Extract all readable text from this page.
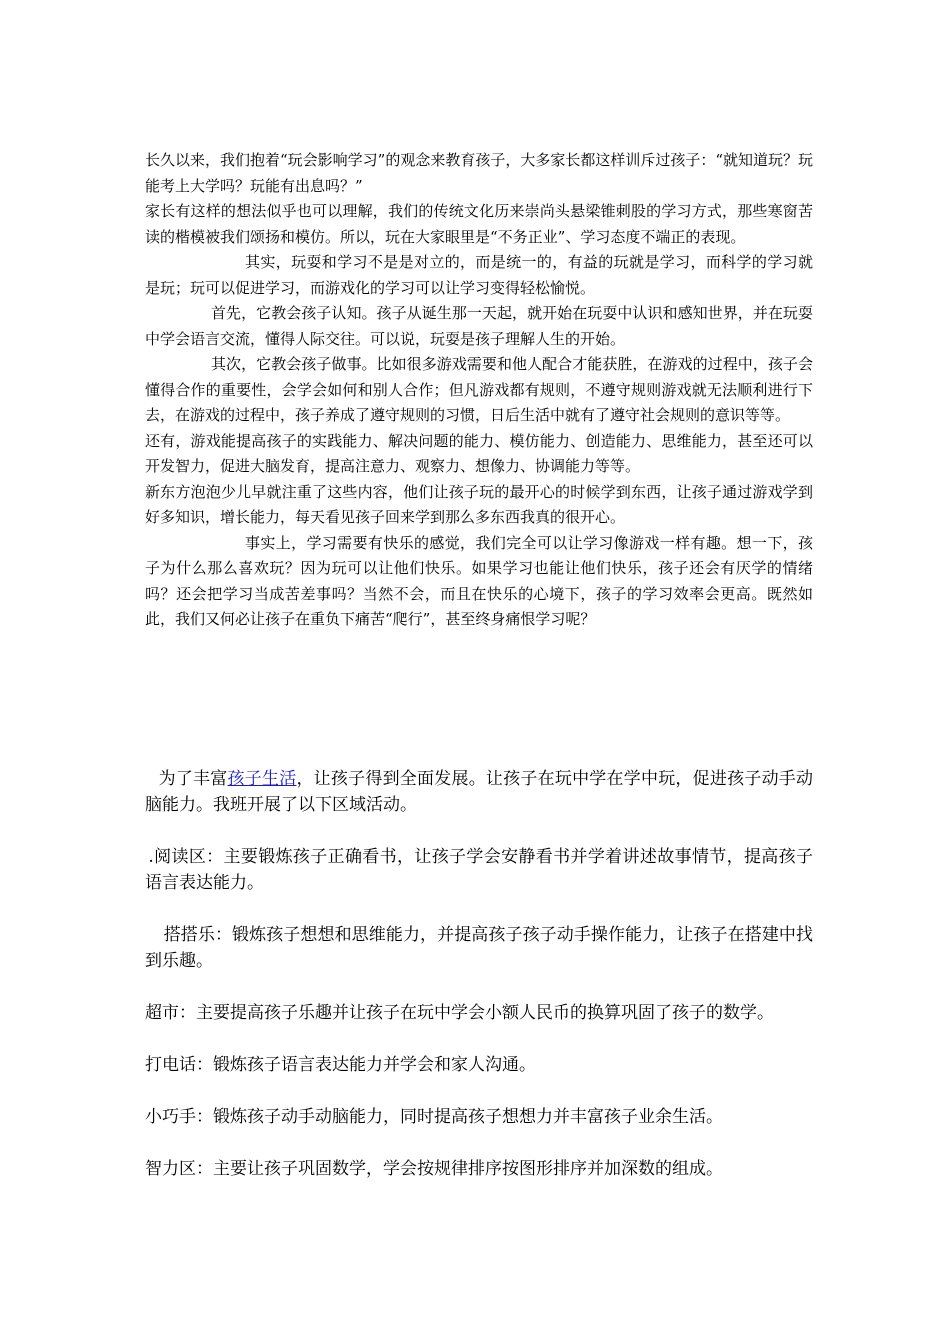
长久以来，我们抱着“玩会影响学习”的观念来教育孩子，大多家长都这样训斥过孩子：“就知道玩？玩能考上大学吗？玩能有出息吗？”

家长有这样的想法似乎也可以理解，我们的传统文化历来崇尚头悬梁锥刺股的学习方式，那些寒窗苦读的楷模被我们颂扬和模仿。所以，玩在大家眼里是“不务正业”、学习态度不端正的表现。

其实，玩耍和学习不是是对立的，而是统一的，有益的玩就是学习，而科学的学习就是玩；玩可以促进学习，而游戏化的学习可以让学习变得轻松愉悦。

首先，它教会孩子认知。孩子从诞生那一天起，就开始在玩耍中认识和感知世界，并在玩耍中学会语言交流，懂得人际交往。可以说，玩耍是孩子理解人生的开始。

其次，它教会孩子做事。比如很多游戏需要和他人配合才能获胜，在游戏的过程中，孩子会懂得合作的重要性，会学会如何和别人合作；但凡游戏都有规则，不遵守规则游戏就无法顺利进行下去，在游戏的过程中，孩子养成了遵守规则的习惯，日后生活中就有了遵守社会规则的意识等等。

还有，游戏能提高孩子的实践能力、解决问题的能力、模仿能力、创造能力、思维能力，甚至还可以开发智力，促进大脑发育，提高注意力、观察力、想像力、协调能力等等。

新东方泡泡少儿早就注重了这些内容，他们让孩子玩的最开心的时候学到东西，让孩子通过游戏学到好多知识，增长能力，每天看见孩子回来学到那么多东西我真的很开心。

事实上，学习需要有快乐的感觉，我们完全可以让学习像游戏一样有趣。想一下，孩子为什么那么喜欢玩？因为玩可以让他们快乐。如果学习也能让他们快乐，孩子还会有厌学的情绪吗？还会把学习当成苦差事吗？当然不会，而且在快乐的心境下，孩子的学习效率会更高。既然如此，我们又何必让孩子在重负下痛苦“爬行”，甚至终身痛恨学习呢？

为了丰富孩子生活，让孩子得到全面发展。让孩子在玩中学在学中玩，促进孩子动手动脑能力。我班开展了以下区域活动。

.阅读区：主要锻炼孩子正确看书，让孩子学会安静看书并学着讲述故事情节，提高孩子语言表达能力。

搭搭乐：锻炼孩子想想和思维能力，并提高孩子孩子动手操作能力，让孩子在搭建中找到乐趣。

超市：主要提高孩子乐趣并让孩子在玩中学会小额人民币的换算巩固了孩子的数学。

打电话：锻炼孩子语言表达能力并学会和家人沟通。

小巧手：锻炼孩子动手动脑能力，同时提高孩子想想力并丰富孩子业余生活。

智力区：主要让孩子巩固数学，学会按规律排序按图形排序并加深数的组成。
